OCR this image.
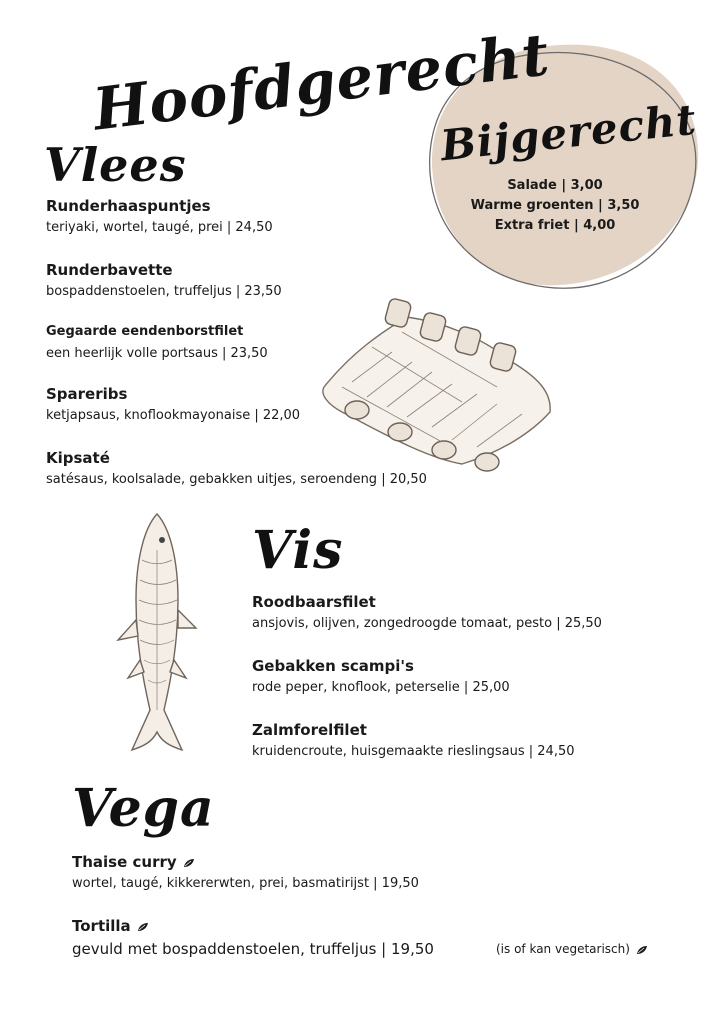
Hoofdgerecht
Bijgerecht
Salade | 3,00
Warme groenten | 3,50
Extra friet | 4,00
Vlees
Runderhaaspuntjes
teriyaki, wortel, taugé, prei | 24,50
Runderbavette
bospaddenstoelen, truffeljus | 23,50
Gegaarde eendenborstfilet
een heerlijk volle portsaus | 23,50
Spareribs
ketjapsaus, knoflookmayonaise | 22,00
Kipsaté
satésaus, koolsalade, gebakken uitjes, seroendeng | 20,50
Vis
Roodbaarsfilet
ansjovis, olijven, zongedroogde tomaat, pesto | 25,50
Gebakken scampi's
rode peper, knoflook, peterselie | 25,00
Zalmforelfilet
kruidencroute, huisgemaakte rieslingsaus | 24,50
Vega
Thaise curry
wortel, taugé, kikkererwten, prei, basmatirijst | 19,50
Tortilla
gevuld met bospaddenstoelen, truffeljus | 19,50	(is of kan vegetarisch)
